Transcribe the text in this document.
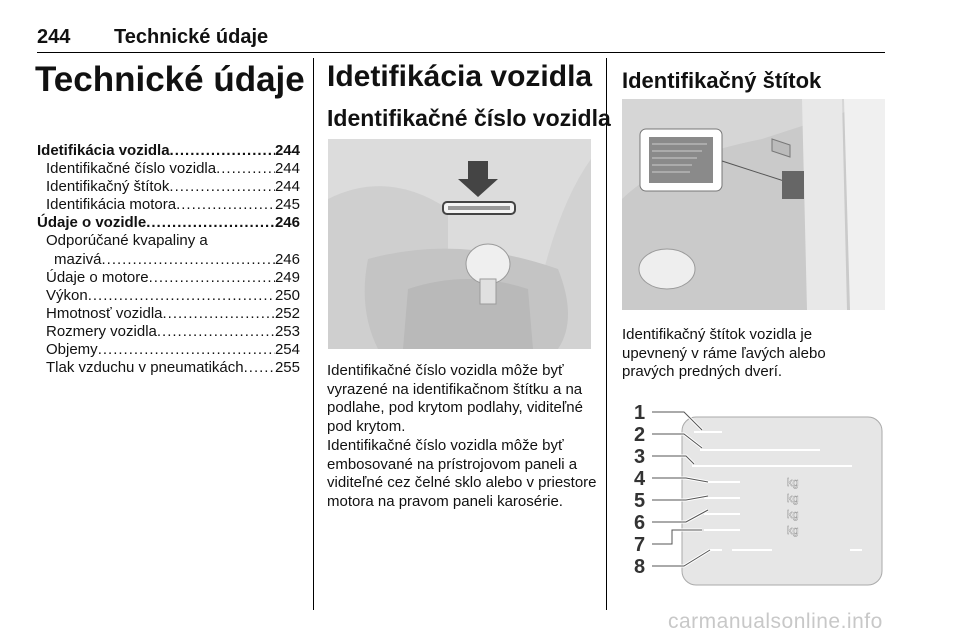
244 Technické údaje
Technické údaje
Idetifikácia vozidla .....	244
Identifikačné číslo vozidla .....	244
Identifikačný štítok .....	244
Identifikácia motora .....	245
Údaje o vozidle .....	246
Odporúčané kvapaliny a
mazivá .....	246
Údaje o motore .....	249
Výkon .....	250
Hmotnosť vozidla .....	252
Rozmery vozidla .....	253
Objemy .....	254
Tlak vzduchu v pneumatikách ..... 255
Idetifikácia vozidla
Identifikačné číslo vozidla
Identifikačné číslo vozidla môže byť vyrazené na identifikačnom štítku a na podlahe, pod krytom podlahy, viditeľné pod krytom.
Identifikačné číslo vozidla môže byť embosované na prístrojovom paneli a viditeľné cez čelné sklo alebo v priestore motora na pravom paneli karosérie.
Identifikačný štítok
Identifikačný štítok vozidla je upevnený v ráme ľavých alebo pravých predných dverí.
1
2
3
4
5
6
7
8
kg
kg
kg
kg
carmanualsonline.info
